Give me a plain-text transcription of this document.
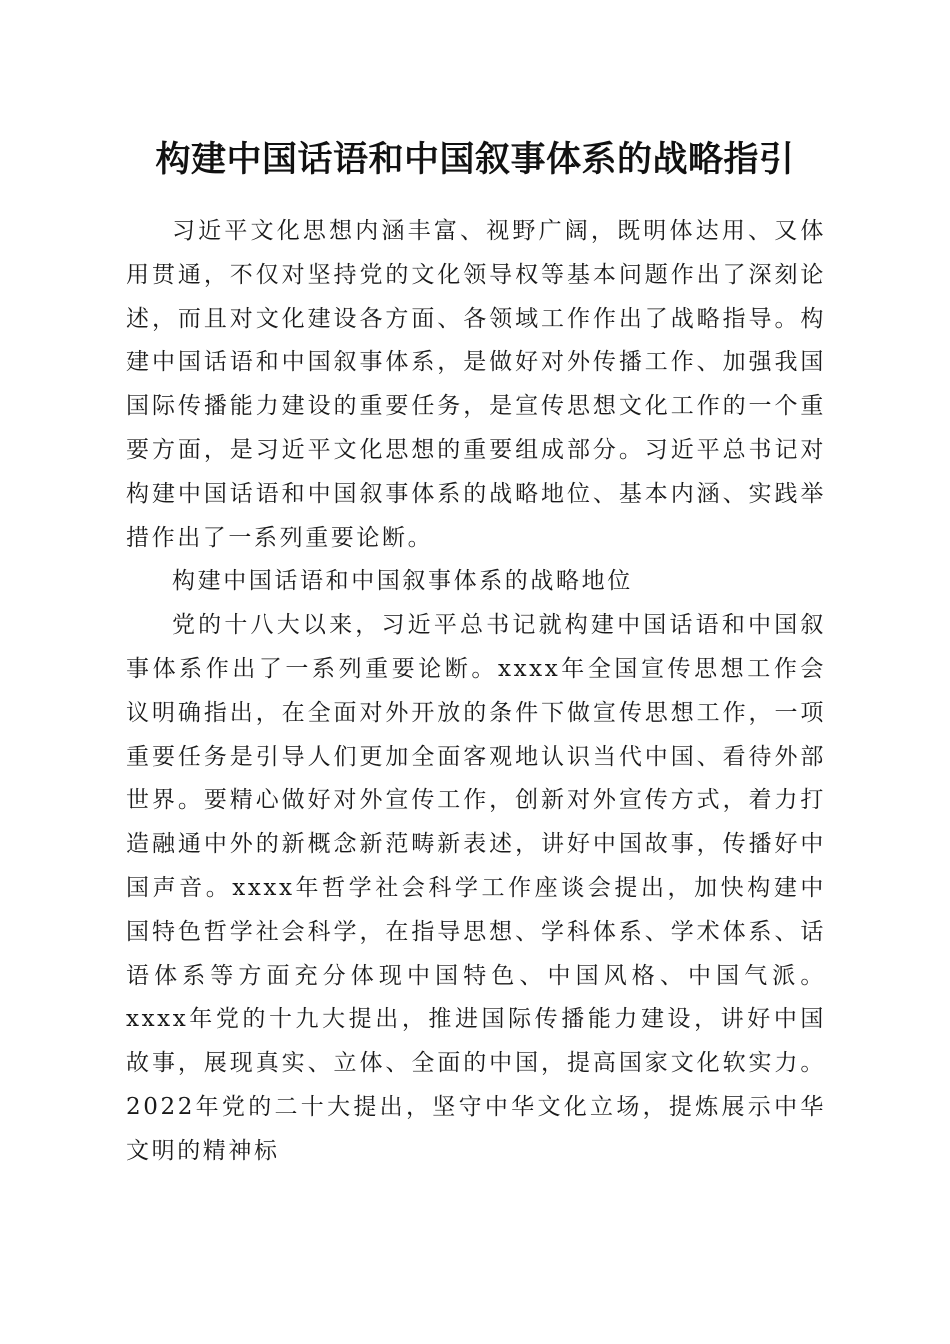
构建中国话语和中国叙事体系的战略指引

习近平文化思想内涵丰富、视野广阔，既明体达用、又体用贯通，不仅对坚持党的文化领导权等基本问题作出了深刻论述，而且对文化建设各方面、各领域工作作出了战略指导。构建中国话语和中国叙事体系，是做好对外传播工作、加强我国国际传播能力建设的重要任务，是宣传思想文化工作的一个重要方面，是习近平文化思想的重要组成部分。习近平总书记对构建中国话语和中国叙事体系的战略地位、基本内涵、实践举措作出了一系列重要论断。

构建中国话语和中国叙事体系的战略地位

党的十八大以来，习近平总书记就构建中国话语和中国叙事体系作出了一系列重要论断。xxxx年全国宣传思想工作会议明确指出，在全面对外开放的条件下做宣传思想工作，一项重要任务是引导人们更加全面客观地认识当代中国、看待外部世界。要精心做好对外宣传工作，创新对外宣传方式，着力打造融通中外的新概念新范畴新表述，讲好中国故事，传播好中国声音。xxxx年哲学社会科学工作座谈会提出，加快构建中国特色哲学社会科学，在指导思想、学科体系、学术体系、话语体系等方面充分体现中国特色、中国风格、中国气派。xxxx年党的十九大提出，推进国际传播能力建设，讲好中国故事，展现真实、立体、全面的中国，提高国家文化软实力。2022年党的二十大提出，坚守中华文化立场，提炼展示中华文明的精神标
